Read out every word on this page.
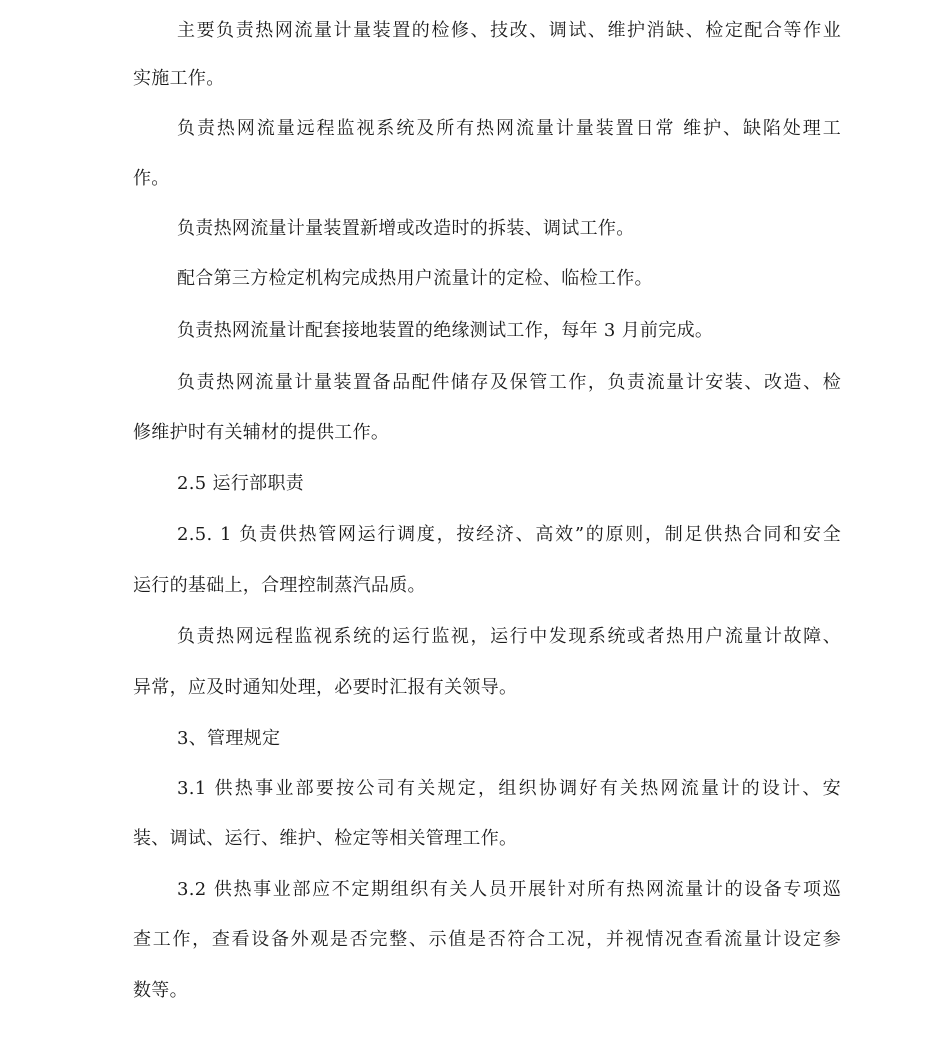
主要负责热网流量计量装置的检修、技改、调试、维护消缺、检定配合等作业
实施工作。
负责热网流量远程监视系统及所有热网流量计量装置日常 维护、缺陷处理工
作。
负责热网流量计量装置新增或改造时的拆装、调试工作。
配合第三方检定机构完成热用户流量计的定检、临检工作。
负责热网流量计配套接地装置的绝缘测试工作，每年 3 月前完成。
负责热网流量计量装置备品配件储存及保管工作，负责流量计安装、改造、检
修维护时有关辅材的提供工作。
2.5 运行部职责
2.5. 1 负责供热管网运行调度，按经济、高效”的原则，制足供热合同和安全
运行的基础上，合理控制蒸汽品质。
负责热网远程监视系统的运行监视，运行中发现系统或者热用户流量计故障、
异常，应及时通知处理，必要时汇报有关领导。
3、管理规定
3.1 供热事业部要按公司有关规定，组织协调好有关热网流量计的设计、安
装、调试、运行、维护、检定等相关管理工作。
3.2 供热事业部应不定期组织有关人员开展针对所有热网流量计的设备专项巡
查工作，查看设备外观是否完整、示值是否符合工况，并视情况查看流量计设定参
数等。
